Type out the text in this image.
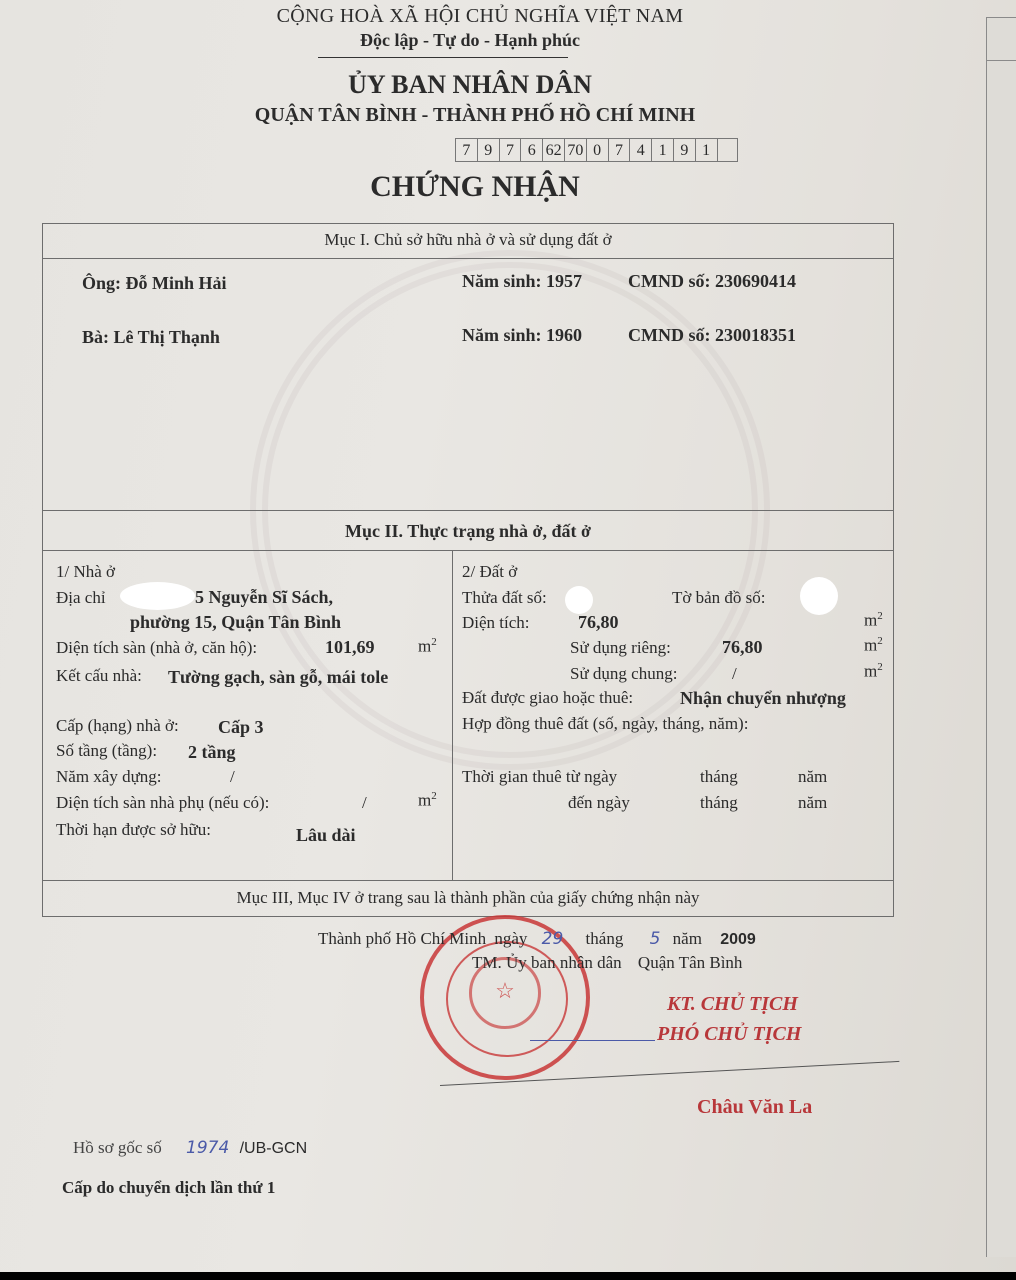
CỘNG HOÀ XÃ HỘI CHỦ NGHĨA VIỆT NAM
Độc lập - Tự do - Hạnh phúc
ỦY BAN NHÂN DÂN
QUẬN TÂN BÌNH - THÀNH PHỐ HỒ CHÍ MINH
7 9 7 6 62 70 0 7 4 1 9 1
CHỨNG NHẬN
Mục I. Chủ sở hữu nhà ở và sử dụng đất ở
Ông: Đỗ Minh Hải	Năm sinh: 1957	CMND số: 230690414
Bà: Lê Thị Thạnh	Năm sinh: 1960	CMND số: 230018351
Mục II. Thực trạng nhà ở, đất ở
1/ Nhà ở
Địa chỉ	5 Nguyễn Sĩ Sách,
phường 15, Quận Tân Bình
Diện tích sàn (nhà ở, căn hộ):	101,69	$m^2$
Kết cấu nhà: Tường gạch, sàn gỗ, mái tole
Cấp (hạng) nhà ở: Cấp 3
Số tầng (tầng): 2 tầng
Năm xây dựng:	/
Diện tích sàn nhà phụ (nếu có):	/	$m^2$
Thời hạn được sở hữu:	Lâu dài
2/ Đất ở
Thửa đất số:	Tờ bản đồ số:
Diện tích:	76,80	$m^2$
Sử dụng riêng:	76,80	$m^2$
Sử dụng chung:	/	$m^2$
Đất được giao hoặc thuê:	Nhận chuyển nhượng
Hợp đồng thuê đất (số, ngày, tháng, năm):
Thời gian thuê từ ngày	tháng	năm
đến ngày	tháng	năm
Mục III, Mục IV ở trang sau là thành phần của giấy chứng nhận này
☆
Thành phố Hồ Chí Minh ngày 29 tháng 5 năm 2009
TM. Ủy ban nhân dân Quận Tân Bình
KT. CHỦ TỊCH
PHÓ CHỦ TỊCH
Châu Văn La
Hồ sơ gốc số 1974 /UB-GCN
Cấp do chuyển dịch lần thứ 1
